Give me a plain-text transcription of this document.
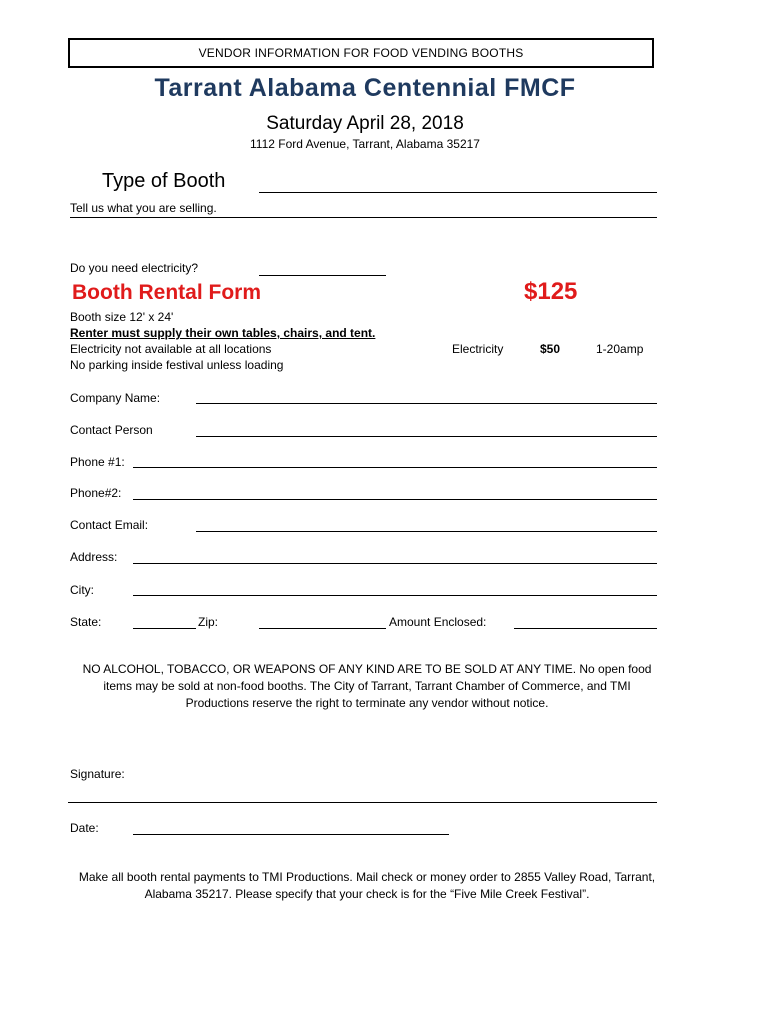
VENDOR INFORMATION FOR FOOD VENDING BOOTHS
Tarrant Alabama Centennial FMCF
Saturday April 28, 2018
1112 Ford Avenue, Tarrant, Alabama 35217
Type of Booth
Tell us what you are selling.
Do you need electricity?
Booth Rental Form	$125
Booth size 12' x 24'
Renter must supply their own tables, chairs, and tent.
Electricity not available at all locations
No parking inside festival unless loading
Electricity	$50	1-20amp
Company Name:
Contact Person
Phone #1:
Phone#2:
Contact Email:
Address:
City:
State:	Zip:	Amount Enclosed:
NO ALCOHOL, TOBACCO, OR WEAPONS OF ANY KIND ARE TO BE SOLD AT ANY TIME. No open food items may be sold at non-food booths. The City of Tarrant, Tarrant Chamber of Commerce, and TMI Productions reserve the right to terminate any vendor without notice.
Signature:
Date:
Make all booth rental payments to TMI Productions. Mail check or money order to 2855 Valley Road, Tarrant, Alabama 35217. Please specify that your check is for the “Five Mile Creek Festival”.
